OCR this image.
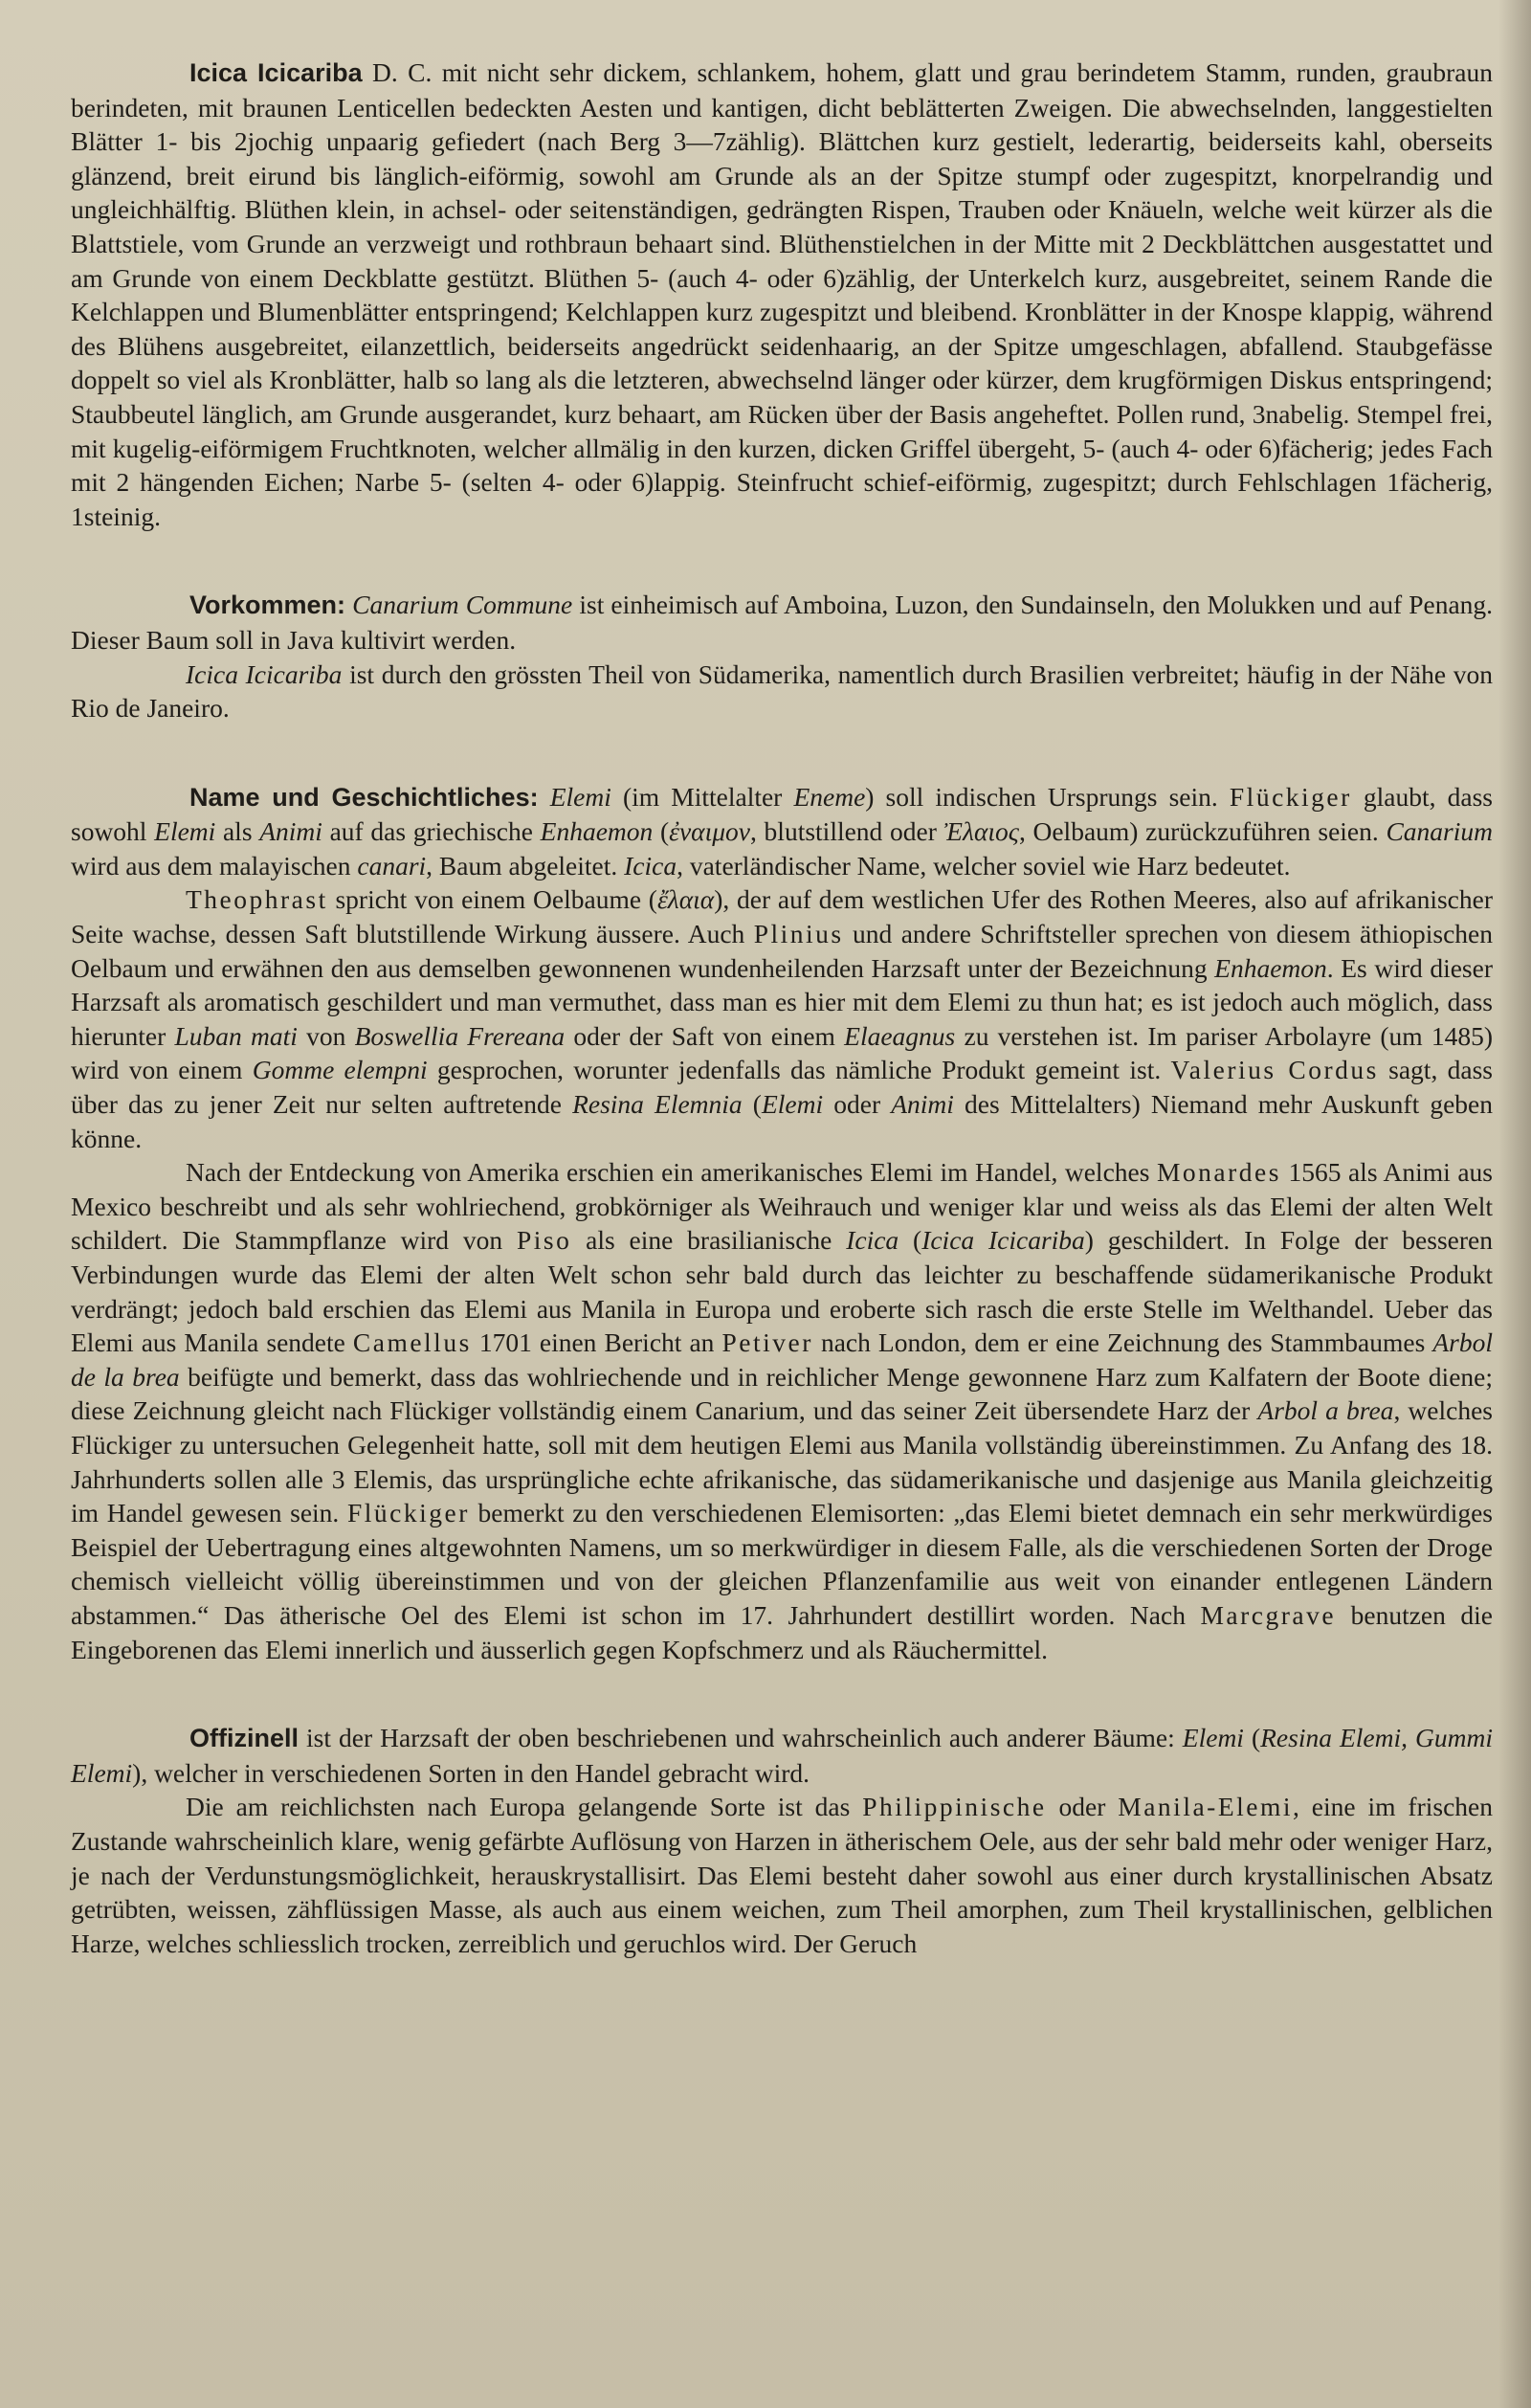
Icica Icicariba D. C. mit nicht sehr dickem, schlankem, hohem, glatt und grau berindetem Stamm, runden, graubraun berindeten, mit braunen Lenticellen bedeckten Aesten und kantigen, dicht beblätterten Zweigen. Die abwechselnden, langgestielten Blätter 1- bis 2jochig unpaarig gefiedert (nach Berg 3—7zählig). Blättchen kurz gestielt, lederartig, beiderseits kahl, oberseits glänzend, breit eirund bis länglich-eiförmig, sowohl am Grunde als an der Spitze stumpf oder zugespitzt, knorpelrandig und ungleichhälftig. Blüthen klein, in achsel- oder seitenständigen, gedrängten Rispen, Trauben oder Knäueln, welche weit kürzer als die Blattstiele, vom Grunde an verzweigt und rothbraun behaart sind. Blüthenstielchen in der Mitte mit 2 Deckblättchen ausgestattet und am Grunde von einem Deckblatte gestützt. Blüthen 5- (auch 4- oder 6)zählig, der Unterkelch kurz, ausgebreitet, seinem Rande die Kelchlappen und Blumenblätter entspringend; Kelchlappen kurz zugespitzt und bleibend. Kronblätter in der Knospe klappig, während des Blühens ausgebreitet, eilanzettlich, beiderseits angedrückt seidenhaarig, an der Spitze umgeschlagen, abfallend. Staubgefässe doppelt so viel als Kronblätter, halb so lang als die letzteren, abwechselnd länger oder kürzer, dem krugförmigen Diskus entspringend; Staubbeutel länglich, am Grunde ausgerandet, kurz behaart, am Rücken über der Basis angeheftet. Pollen rund, 3nabelig. Stempel frei, mit kugelig-eiförmigem Fruchtknoten, welcher allmälig in den kurzen, dicken Griffel übergeht, 5- (auch 4- oder 6)fächerig; jedes Fach mit 2 hängenden Eichen; Narbe 5- (selten 4- oder 6)lappig. Steinfrucht schief-eiförmig, zugespitzt; durch Fehlschlagen 1fächerig, 1steinig.

Vorkommen: Canarium Commune ist einheimisch auf Amboina, Luzon, den Sundainseln, den Molukken und auf Penang. Dieser Baum soll in Java kultivirt werden.

Icica Icicariba ist durch den grössten Theil von Südamerika, namentlich durch Brasilien verbreitet; häufig in der Nähe von Rio de Janeiro.

Name und Geschichtliches: Elemi (im Mittelalter Eneme) soll indischen Ursprungs sein. Flückiger glaubt, dass sowohl Elemi als Animi auf das griechische Enhaemon (ἐναιμον, blutstillend oder Ἐλαιος, Oelbaum) zurückzuführen seien. Canarium wird aus dem malayischen canari, Baum abgeleitet. Icica, vaterländischer Name, welcher soviel wie Harz bedeutet.

Theophrast spricht von einem Oelbaume (ἔλαια), der auf dem westlichen Ufer des Rothen Meeres, also auf afrikanischer Seite wachse, dessen Saft blutstillende Wirkung äussere. Auch Plinius und andere Schriftsteller sprechen von diesem äthiopischen Oelbaum und erwähnen den aus demselben gewonnenen wundenheilenden Harzsaft unter der Bezeichnung Enhaemon. Es wird dieser Harzsaft als aromatisch geschildert und man vermuthet, dass man es hier mit dem Elemi zu thun hat; es ist jedoch auch möglich, dass hierunter Luban mati von Boswellia Frereana oder der Saft von einem Elaeagnus zu verstehen ist. Im pariser Arbolayre (um 1485) wird von einem Gomme elempni gesprochen, worunter jedenfalls das nämliche Produkt gemeint ist. Valerius Cordus sagt, dass über das zu jener Zeit nur selten auftretende Resina Elemnia (Elemi oder Animi des Mittelalters) Niemand mehr Auskunft geben könne.

Nach der Entdeckung von Amerika erschien ein amerikanisches Elemi im Handel, welches Monardes 1565 als Animi aus Mexico beschreibt und als sehr wohlriechend, grobkörniger als Weihrauch und weniger klar und weiss als das Elemi der alten Welt schildert. Die Stammpflanze wird von Piso als eine brasilianische Icica (Icica Icicariba) geschildert. In Folge der besseren Verbindungen wurde das Elemi der alten Welt schon sehr bald durch das leichter zu beschaffende südamerikanische Produkt verdrängt; jedoch bald erschien das Elemi aus Manila in Europa und eroberte sich rasch die erste Stelle im Welthandel. Ueber das Elemi aus Manila sendete Camellus 1701 einen Bericht an Petiver nach London, dem er eine Zeichnung des Stammbaumes Arbol de la brea beifügte und bemerkt, dass das wohlriechende und in reichlicher Menge gewonnene Harz zum Kalfatern der Boote diene; diese Zeichnung gleicht nach Flückiger vollständig einem Canarium, und das seiner Zeit übersendete Harz der Arbol a brea, welches Flückiger zu untersuchen Gelegenheit hatte, soll mit dem heutigen Elemi aus Manila vollständig übereinstimmen. Zu Anfang des 18. Jahrhunderts sollen alle 3 Elemis, das ursprüngliche echte afrikanische, das südamerikanische und dasjenige aus Manila gleichzeitig im Handel gewesen sein. Flückiger bemerkt zu den verschiedenen Elemisorten: „das Elemi bietet demnach ein sehr merkwürdiges Beispiel der Uebertragung eines altgewohnten Namens, um so merkwürdiger in diesem Falle, als die verschiedenen Sorten der Droge chemisch vielleicht völlig übereinstimmen und von der gleichen Pflanzenfamilie aus weit von einander entlegenen Ländern abstammen.“ Das ätherische Oel des Elemi ist schon im 17. Jahrhundert destillirt worden. Nach Marcgrave benutzen die Eingeborenen das Elemi innerlich und äusserlich gegen Kopfschmerz und als Räuchermittel.

Offizinell ist der Harzsaft der oben beschriebenen und wahrscheinlich auch anderer Bäume: Elemi (Resina Elemi, Gummi Elemi), welcher in verschiedenen Sorten in den Handel gebracht wird.

Die am reichlichsten nach Europa gelangende Sorte ist das Philippinische oder Manila-Elemi, eine im frischen Zustande wahrscheinlich klare, wenig gefärbte Auflösung von Harzen in ätherischem Oele, aus der sehr bald mehr oder weniger Harz, je nach der Verdunstungsmöglichkeit, herauskrystallisirt. Das Elemi besteht daher sowohl aus einer durch krystallinischen Absatz getrübten, weissen, zähflüssigen Masse, als auch aus einem weichen, zum Theil amorphen, zum Theil krystallinischen, gelblichen Harze, welches schliesslich trocken, zerreiblich und geruchlos wird. Der Geruch
